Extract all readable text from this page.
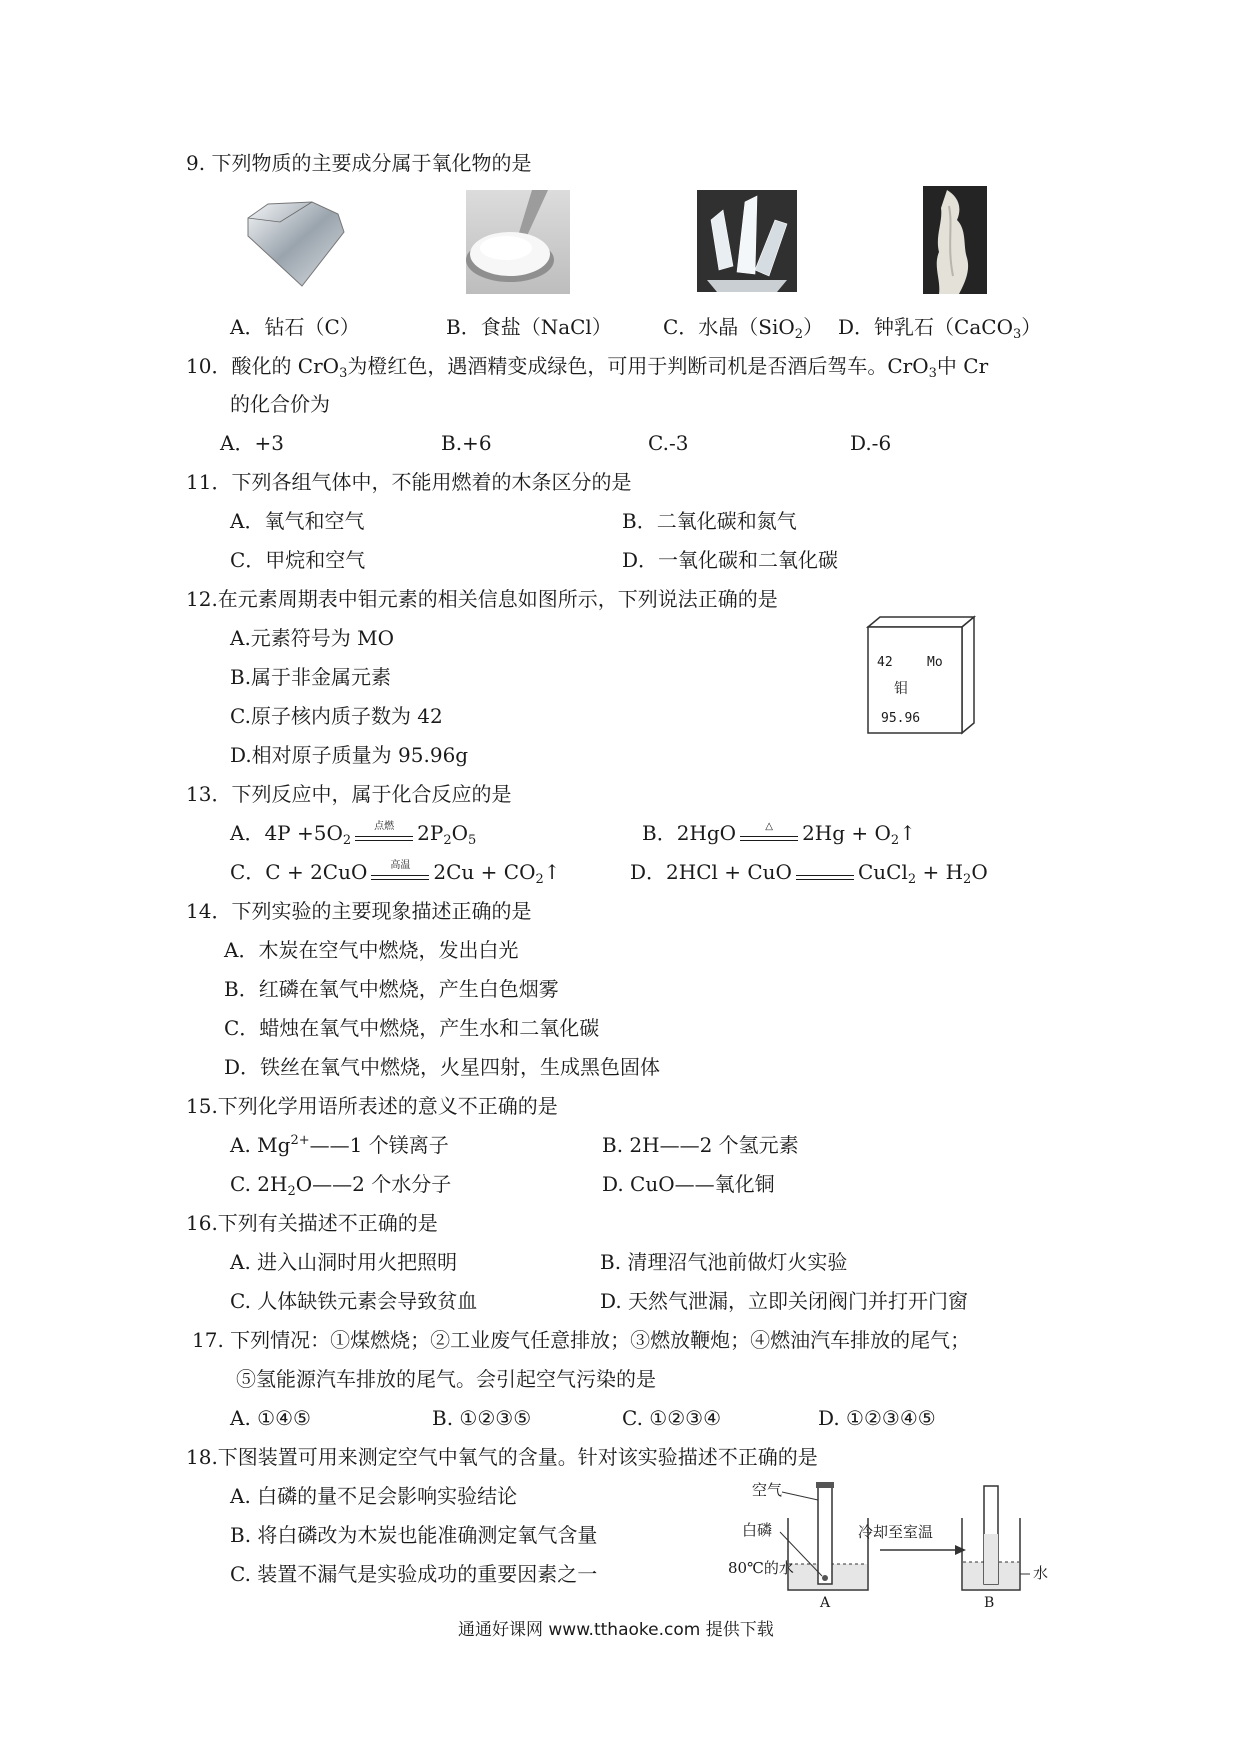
9. 下列物质的主要成分属于氧化物的是
A．钻石（C）	B．食盐（NaCl）	C．水晶（SiO$_2$） D．钟乳石（CaCO$_3$）
10．酸化的 CrO$_3$为橙红色，遇酒精变成绿色，可用于判断司机是否酒后驾车。CrO$_3$中 Cr
的化合价为
A．+3	B.+6	C.-3	D.-6
11．下列各组气体中，不能用燃着的木条区分的是
A．氧气和空气	B．二氧化碳和氮气
C．甲烷和空气	D．一氧化碳和二氧化碳
12.在元素周期表中钼元素的相关信息如图所示，下列说法正确的是
A.元素符号为 MO
B.属于非金属元素
C.原子核内质子数为 42
D.相对原子质量为 95.96g
42	Mo
钼
95.96
13．下列反应中，属于化合反应的是
A．$4P +5O_2$
点燃	$2P_2O_5$	B．2HgO	△	$2Hg + O_2↑$
C．C + 2CuO	高温	$2Cu + CO_2↑$	D．2HCl + CuO	CuCl$_2$ + $H_2O$
14．下列实验的主要现象描述正确的是
A．木炭在空气中燃烧，发出白光
B．红磷在氧气中燃烧，产生白色烟雾
C．蜡烛在氧气中燃烧，产生水和二氧化碳
D．铁丝在氧气中燃烧，火星四射，生成黑色固体
15.下列化学用语所表述的意义不正确的是
A. $Mg^{2+}——1$ 个镁离子	B. 2H——2 个氢元素
C. $2H_2O——2$ 个水分子	D. CuO——氧化铜
16.下列有关描述不正确的是
A. 进入山洞时用火把照明	B. 清理沼气池前做灯火实验
C. 人体缺铁元素会导致贫血	D. 天然气泄漏，立即关闭阀门并打开门窗
17. 下列情况：①煤燃烧；②工业废气任意排放；③燃放鞭炮；④燃油汽车排放的尾气；
⑤氢能源汽车排放的尾气。会引起空气污染的是
A. ①④⑤	B. ①②③⑤	C. ①②③④	D. ①②③④⑤
18.下图装置可用来测定空气中氧气的含量。针对该实验描述不正确的是
A. 白磷的量不足会影响实验结论
B. 将白磷改为木炭也能准确测定氧气含量
C. 装置不漏气是实验成功的重要因素之一
空气
白磷
80℃的水
冷却至室温
水
A	B
通通好课网 www.tthaoke.com 提供下载
